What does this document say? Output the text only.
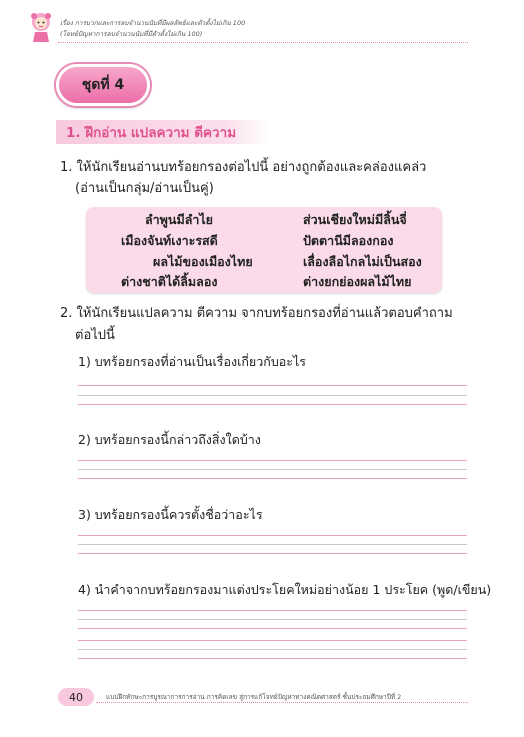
เรื่อง การบวกและการลบจำนวนนับที่มีผลลัพธ์และตัวตั้งไม่เกิน 100
(โจทย์ปัญหาการลบจำนวนนับที่มีตัวตั้งไม่เกิน 100)
ชุดที่ 4
1. ฝึกอ่าน แปลความ ตีความ
1. ให้นักเรียนอ่านบทร้อยกรองต่อไปนี้ อย่างถูกต้องและคล่องแคล่ว
(อ่านเป็นกลุ่ม/อ่านเป็นคู่)
ลำพูนมีลำไย
เมืองจันท์เงาะรสดี
ผลไม้ของเมืองไทย
ต่างชาติได้ลิ้มลอง
ส่วนเชียงใหม่มีลิ้นจี่
ปัตตานีมีลองกอง
เลื่องลือไกลไม่เป็นสอง
ต่างยกย่องผลไม้ไทย
2. ให้นักเรียนแปลความ ตีความ จากบทร้อยกรองที่อ่านแล้วตอบคำถาม
ต่อไปนี้
1) บทร้อยกรองที่อ่านเป็นเรื่องเกี่ยวกับอะไร
2) บทร้อยกรองนี้กล่าวถึงสิ่งใดบ้าง
3) บทร้อยกรองนี้ควรตั้งชื่อว่าอะไร
4) นำคำจากบทร้อยกรองมาแต่งประโยคใหม่อย่างน้อย 1 ประโยค (พูด/เขียน)
40	แบบฝึกทักษะการบูรณาการการอ่าน การคิดเลข สู่การแก้โจทย์ปัญหาทางคณิตศาสตร์ ชั้นประถมศึกษาปีที่ 2
